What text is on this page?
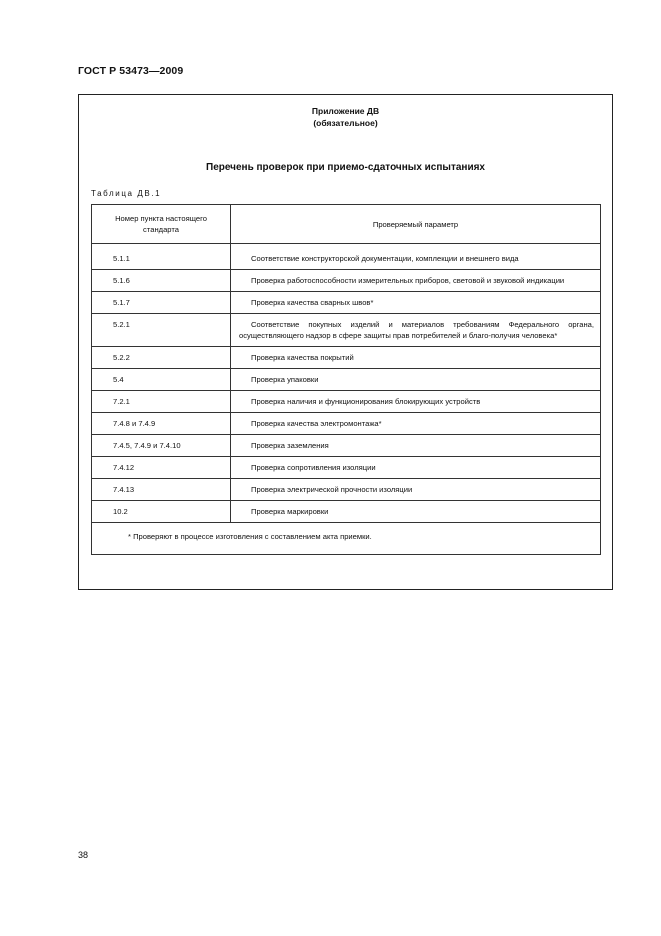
ГОСТ Р 53473—2009
Приложение ДВ
(обязательное)
Перечень проверок при приемо-сдаточных испытаниях
Таблица ДВ.1
Номер пункта настоящего стандарта	Проверяемый параметр
5.1.1	Соответствие конструкторской документации, комплекции и внешнего вида
5.1.6	Проверка работоспособности измерительных приборов, световой и звуковой индикации
5.1.7	Проверка качества сварных швов*
5.2.1	Соответствие покупных изделий и материалов требованиям Федерального органа, осуществляющего надзор в сфере защиты прав потребителей и благо-получия человека*
5.2.2	Проверка качества покрытий
5.4	Проверка упаковки
7.2.1	Проверка наличия и функционирования блокирующих устройств
7.4.8 и 7.4.9	Проверка качества электромонтажа*
7.4.5, 7.4.9 и 7.4.10	Проверка заземления
7.4.12	Проверка сопротивления изоляции
7.4.13	Проверка электрической прочности изоляции
10.2	Проверка маркировки
* Проверяют в процессе изготовления с составлением акта приемки.	
38
